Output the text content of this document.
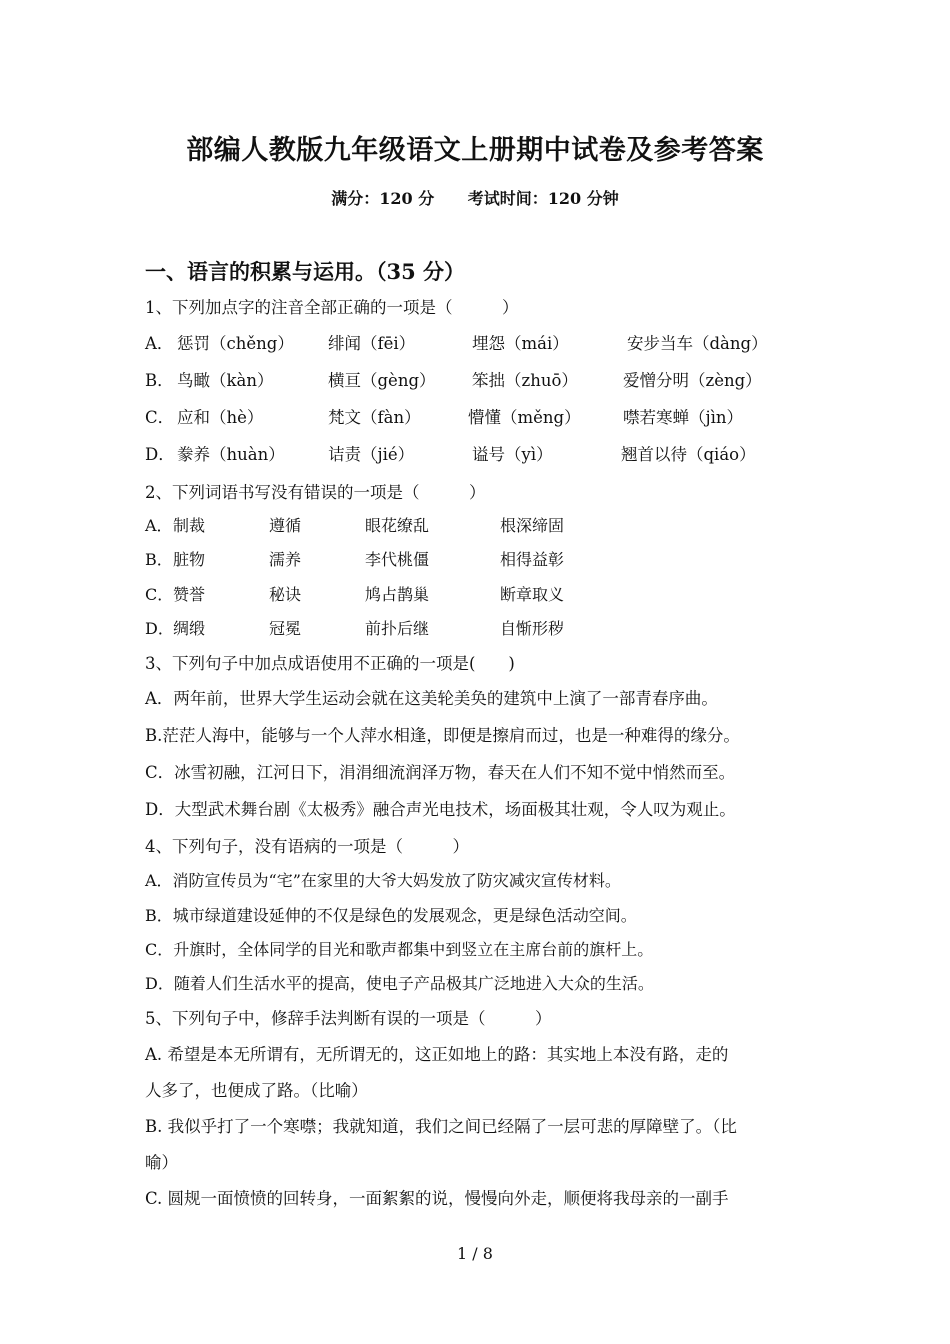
部编人教版九年级语文上册期中试卷及参考答案
满分：120 分 考试时间：120 分钟
一、语言的积累与运用。（35 分）
1、下列加点字的注音全部正确的一项是（　　　）
A． 惩罚（chěng） 绯闻（fēi）	埋怨（mái）	安步当车（dàng）
B． 鸟瞰（kàn）	横亘（gèng） 笨拙（zhuō）	爱憎分明（zèng）
C． 应和（hè）	梵文（fàn）	懵懂（měng）	噤若寒蝉（jìn）
D． 豢养（huàn）	诘责（jié）	谥号（yì）	翘首以待（qiáo）
2、下列词语书写没有错误的一项是（　　　）
A． 制裁	遵循	眼花缭乱	根深缔固
B． 脏物	濡养	李代桃僵	相得益彰
C． 赞誉	秘诀	鸠占鹊巢	断章取义
D． 绸缎	冠冕	前扑后继	自惭形秽
3、下列句子中加点成语使用不正确的一项是(　　)
A．两年前，世界大学生运动会就在这美轮美奂的建筑中上演了一部青春序曲。
B.茫茫人海中，能够与一个人萍水相逢，即便是擦肩而过，也是一种难得的缘分。
C．冰雪初融，江河日下，涓涓细流润泽万物，春天在人们不知不觉中悄然而至。
D．大型武术舞台剧《太极秀》融合声光电技术，场面极其壮观，令人叹为观止。
4、下列句子，没有语病的一项是（　　　）
A．消防宣传员为“宅”在家里的大爷大妈发放了防灾减灾宣传材料。
B．城市绿道建设延伸的不仅是绿色的发展观念，更是绿色活动空间。
C．升旗时，全体同学的目光和歌声都集中到竖立在主席台前的旗杆上。
D．随着人们生活水平的提高，使电子产品极其广泛地进入大众的生活。
5、下列句子中，修辞手法判断有误的一项是（　　　）
A. 希望是本无所谓有，无所谓无的，这正如地上的路：其实地上本没有路，走的
人多了，也便成了路。（比喻）
B. 我似乎打了一个寒噤；我就知道，我们之间已经隔了一层可悲的厚障壁了。（比
喻）
C. 圆规一面愤愤的回转身，一面絮絮的说，慢慢向外走，顺便将我母亲的一副手
1 / 8
